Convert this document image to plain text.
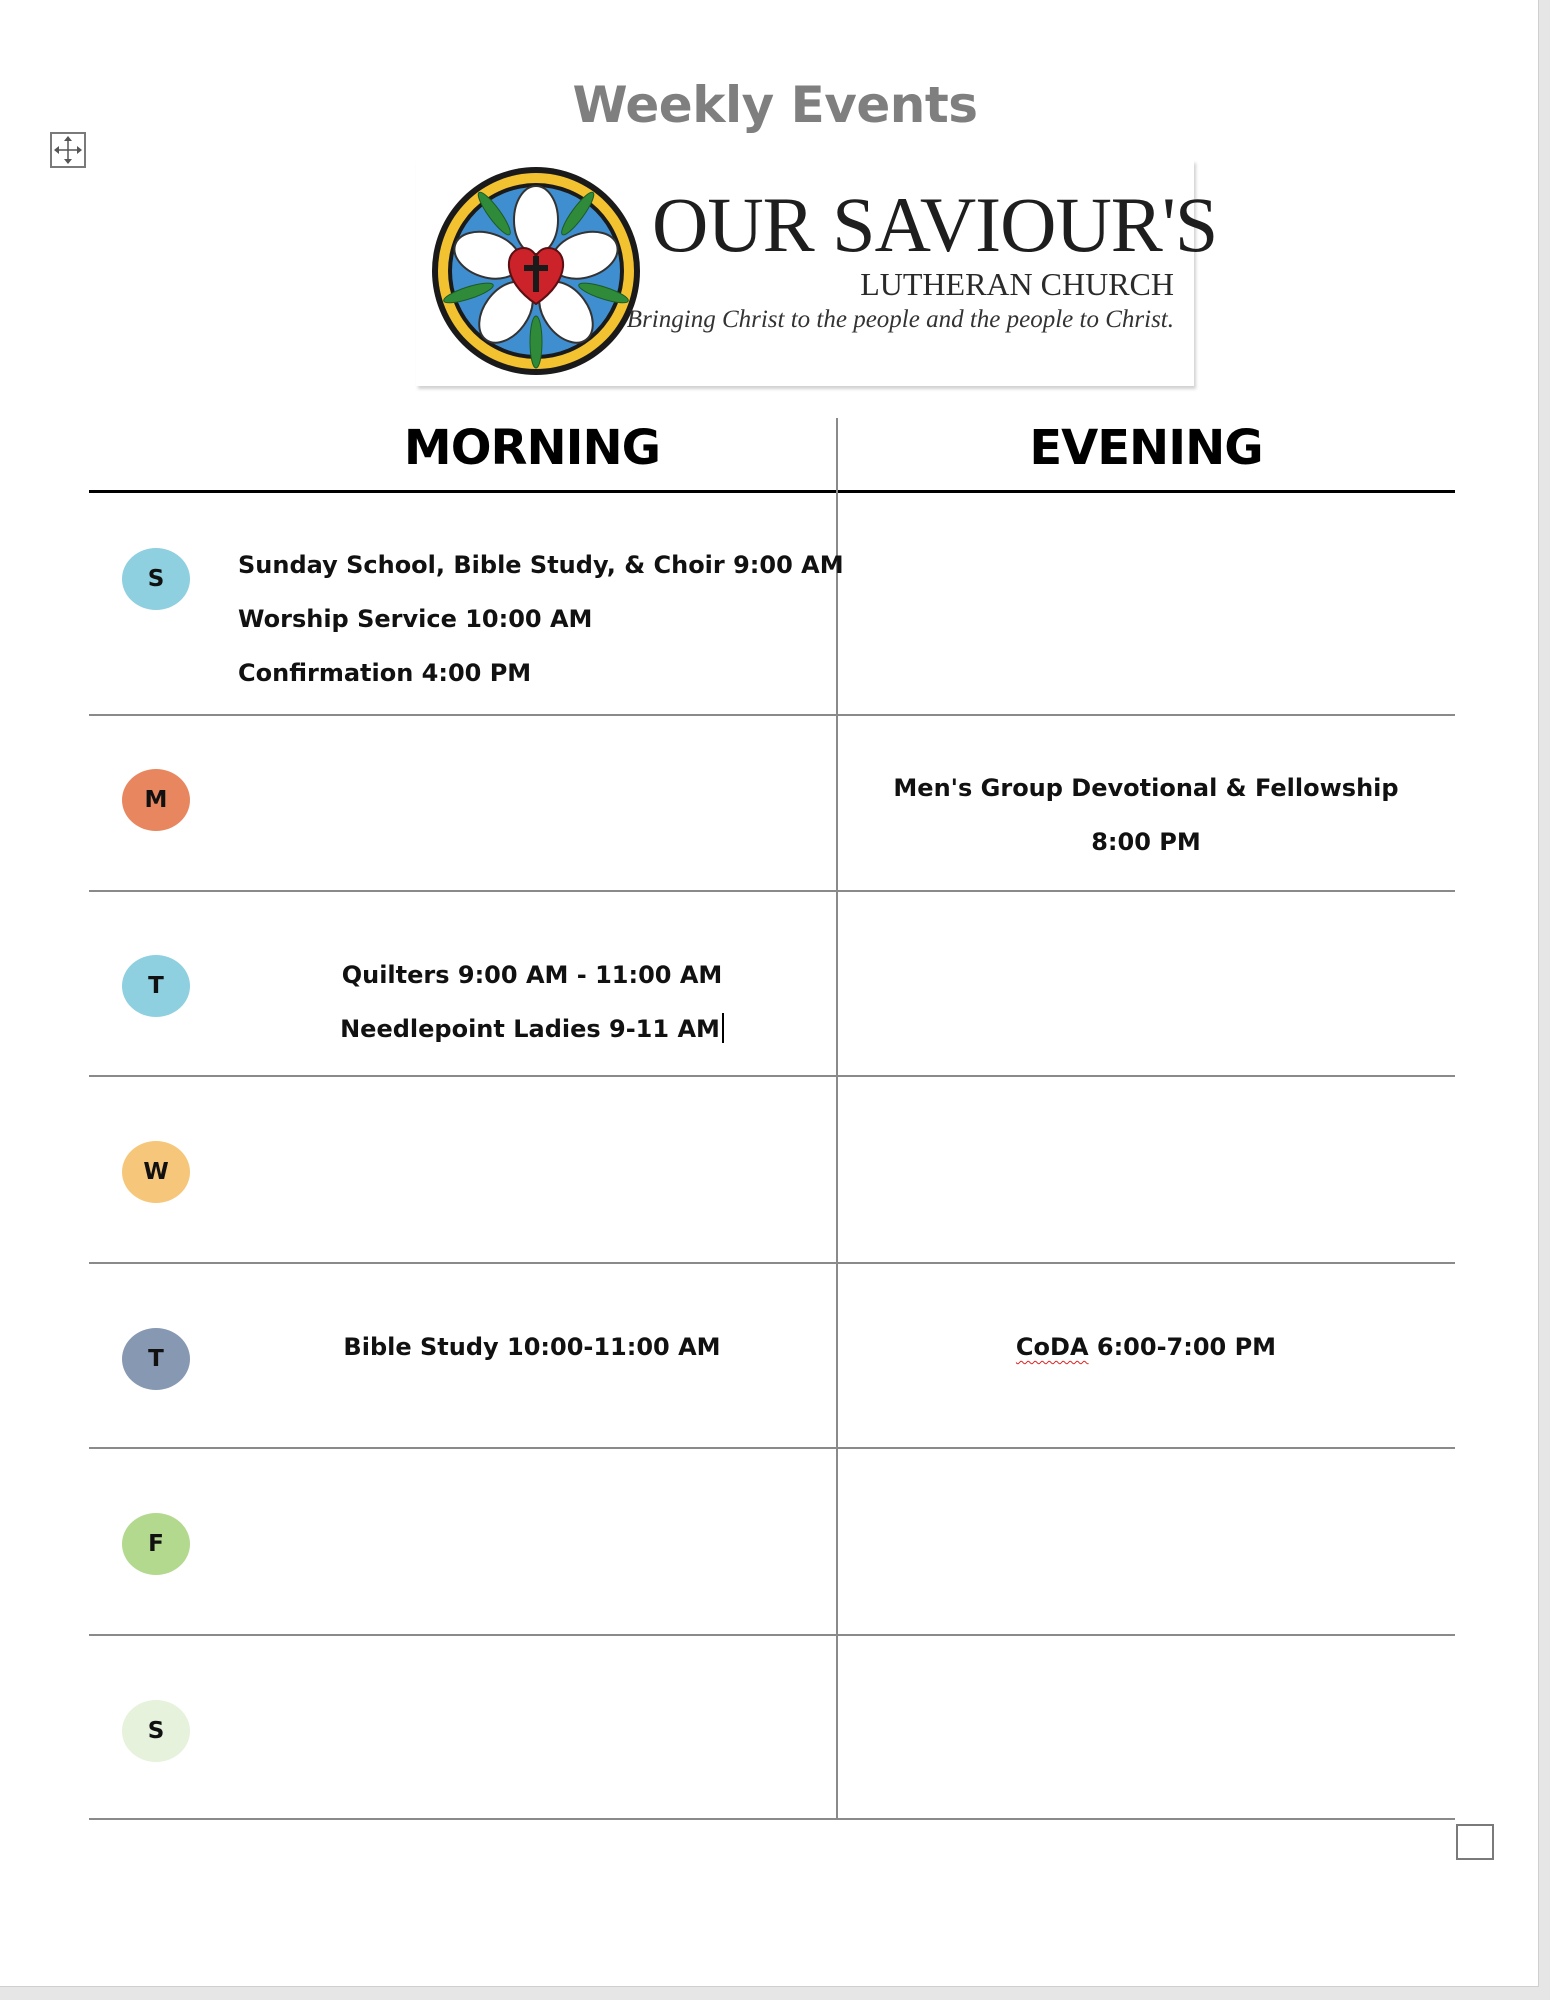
Weekly Events
OUR SAVIOUR'S
LUTHERAN CHURCH
Bringing Christ to the people and the people to Christ.
MORNING	EVENING
S
M
T
W
T
F
S
Sunday School, Bible Study, & Choir 9:00 AM
Worship Service 10:00 AM
Confirmation 4:00 PM
Men's Group Devotional & Fellowship
8:00 PM
Quilters 9:00 AM - 11:00 AM
Needlepoint Ladies 9-11 AM
Bible Study 10:00-11:00 AM	CoDA 6:00-7:00 PM
